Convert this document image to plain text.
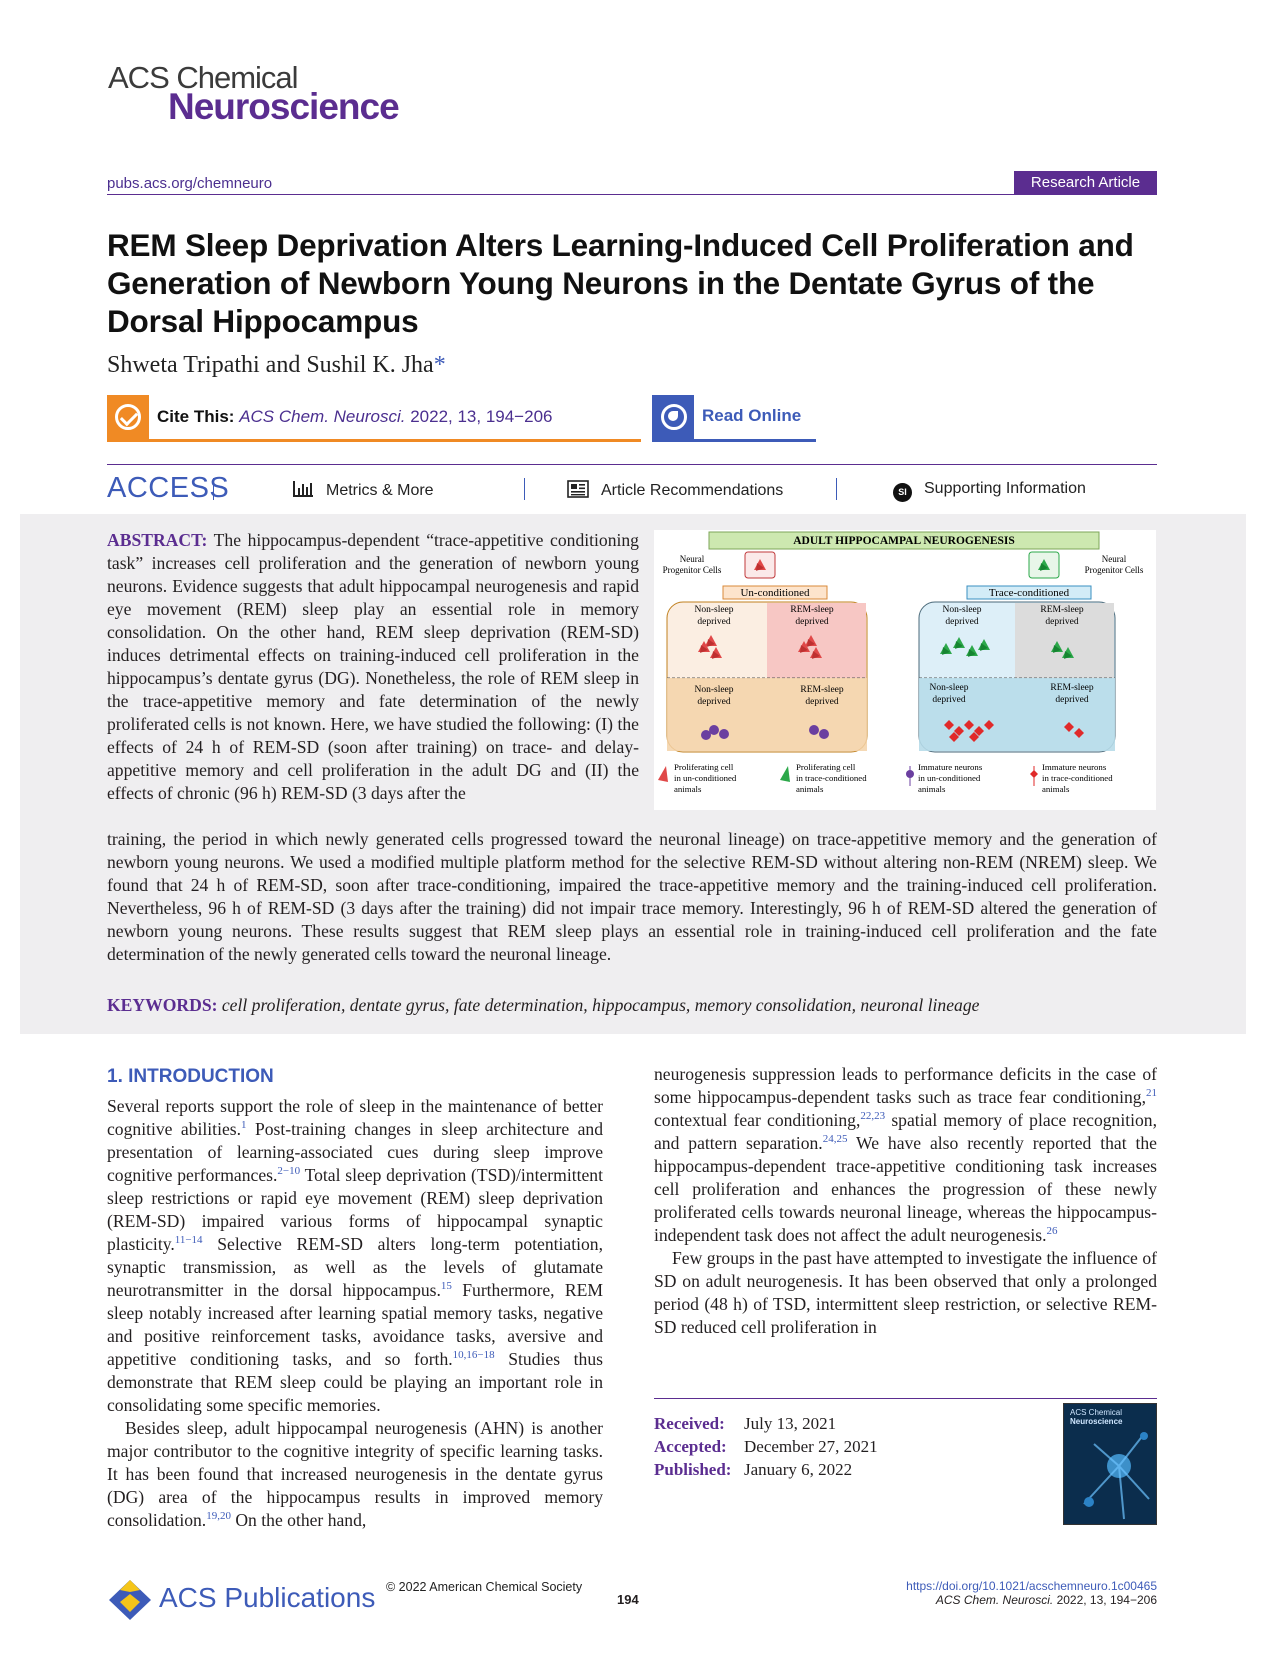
ACS Chemical
Neuroscience
pubs.acs.org/chemneuro	Research Article
REM Sleep Deprivation Alters Learning-Induced Cell Proliferation and Generation of Newborn Young Neurons in the Dentate Gyrus of the Dorsal Hippocampus
Shweta Tripathi and Sushil K. Jha*
Cite This: ACS Chem. Neurosci. 2022, 13, 194−206	Read Online
ACCESS	Metrics & More	Article Recommendations	SI Supporting Information
ABSTRACT: The hippocampus-dependent “trace-appetitive conditioning task” increases cell proliferation and the generation of newborn young neurons. Evidence suggests that adult hippocampal neurogenesis and rapid eye movement (REM) sleep play an essential role in memory consolidation. On the other hand, REM sleep deprivation (REM-SD) induces detrimental effects on training-induced cell proliferation in the hippocampus’s dentate gyrus (DG). Nonetheless, the role of REM sleep in the trace-appetitive memory and fate determination of the newly proliferated cells is not known. Here, we have studied the following: (I) the effects of 24 h of REM-SD (soon after training) on trace- and delay-appetitive memory and cell proliferation in the adult DG and (II) the effects of chronic (96 h) REM-SD (3 days after the
ADULT HIPPOCAMPAL NEUROGENESIS
Neural
Progenitor Cells
Un-conditioned
Non-sleep
deprived
REM-sleep
deprived
Non-sleep
deprived
REM-sleep
deprived
Neural
Progenitor Cells
Trace-conditioned
Non-sleep
deprived
REM-sleep
deprived
Non-sleep
deprived
REM-sleep
deprived
Proliferating cell
in un-conditioned
animals
Proliferating cell
in trace-conditioned
animals
Immature neurons
in un-conditioned
animals
Immature neurons
in trace-conditioned
animals
training, the period in which newly generated cells progressed toward the neuronal lineage) on trace-appetitive memory and the generation of newborn young neurons. We used a modified multiple platform method for the selective REM-SD without altering non-REM (NREM) sleep. We found that 24 h of REM-SD, soon after trace-conditioning, impaired the trace-appetitive memory and the training-induced cell proliferation. Nevertheless, 96 h of REM-SD (3 days after the training) did not impair trace memory. Interestingly, 96 h of REM-SD altered the generation of newborn young neurons. These results suggest that REM sleep plays an essential role in training-induced cell proliferation and the fate determination of the newly generated cells toward the neuronal lineage.
KEYWORDS: cell proliferation, dentate gyrus, fate determination, hippocampus, memory consolidation, neuronal lineage
1. INTRODUCTION

Several reports support the role of sleep in the maintenance of better cognitive abilities.$^1$ Post-training changes in sleep architecture and presentation of learning-associated cues during sleep improve cognitive performances.$^{2-10}$ Total sleep deprivation (TSD)/intermittent sleep restrictions or rapid eye movement (REM) sleep deprivation (REM-SD) impaired various forms of hippocampal synaptic plasticity.$^{11-14}$ Selective REM-SD alters long-term potentiation, synaptic transmission, as well as the levels of glutamate neurotransmitter in the dorsal hippocampus.$^{15}$ Furthermore, REM sleep notably increased after learning spatial memory tasks, negative and positive reinforcement tasks, avoidance tasks, aversive and appetitive conditioning tasks, and so forth.$^{10,16-18}$ Studies thus demonstrate that REM sleep could be playing an important role in consolidating some specific memories.

Besides sleep, adult hippocampal neurogenesis (AHN) is another major contributor to the cognitive integrity of specific learning tasks. It has been found that increased neurogenesis in the dentate gyrus (DG) area of the hippocampus results in improved memory consolidation.$^{19,20}$ On the other hand,

neurogenesis suppression leads to performance deficits in the case of some hippocampus-dependent tasks such as trace fear conditioning,$^{21}$ contextual fear conditioning,$^{22,23}$ spatial memory of place recognition, and pattern separation.$^{24,25}$ We have also recently reported that the hippocampus-dependent trace-appetitive conditioning task increases cell proliferation and enhances the progression of these newly proliferated cells towards neuronal lineage, whereas the hippocampus-independent task does not affect the adult neurogenesis.$^{26}$

Few groups in the past have attempted to investigate the influence of SD on adult neurogenesis. It has been observed that only a prolonged period (48 h) of TSD, intermittent sleep restriction, or selective REM-SD reduced cell proliferation in

Received: July 13, 2021
Accepted: December 27, 2021
Published: January 6, 2022
ACS Chemical
Neuroscience
ACS Publications © 2022 American Chemical Society
194
https://doi.org/10.1021/acschemneuro.1c00465
ACS Chem. Neurosci. 2022, 13, 194−206
